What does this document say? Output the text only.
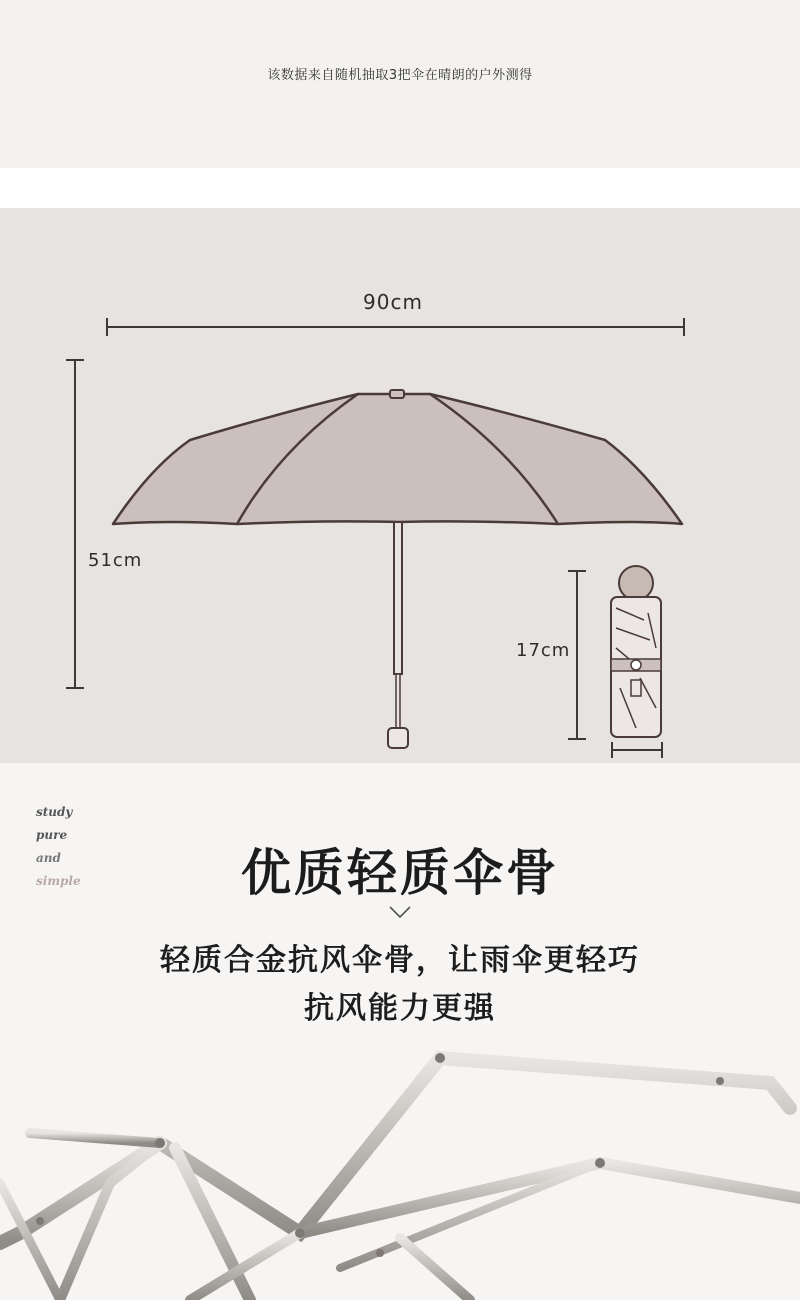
该数据来自随机抽取3把伞在晴朗的户外测得
90cm
51cm
17cm
study
pure
and
simple	优质轻质伞骨
轻质合金抗风伞骨，让雨伞更轻巧
抗风能力更强
